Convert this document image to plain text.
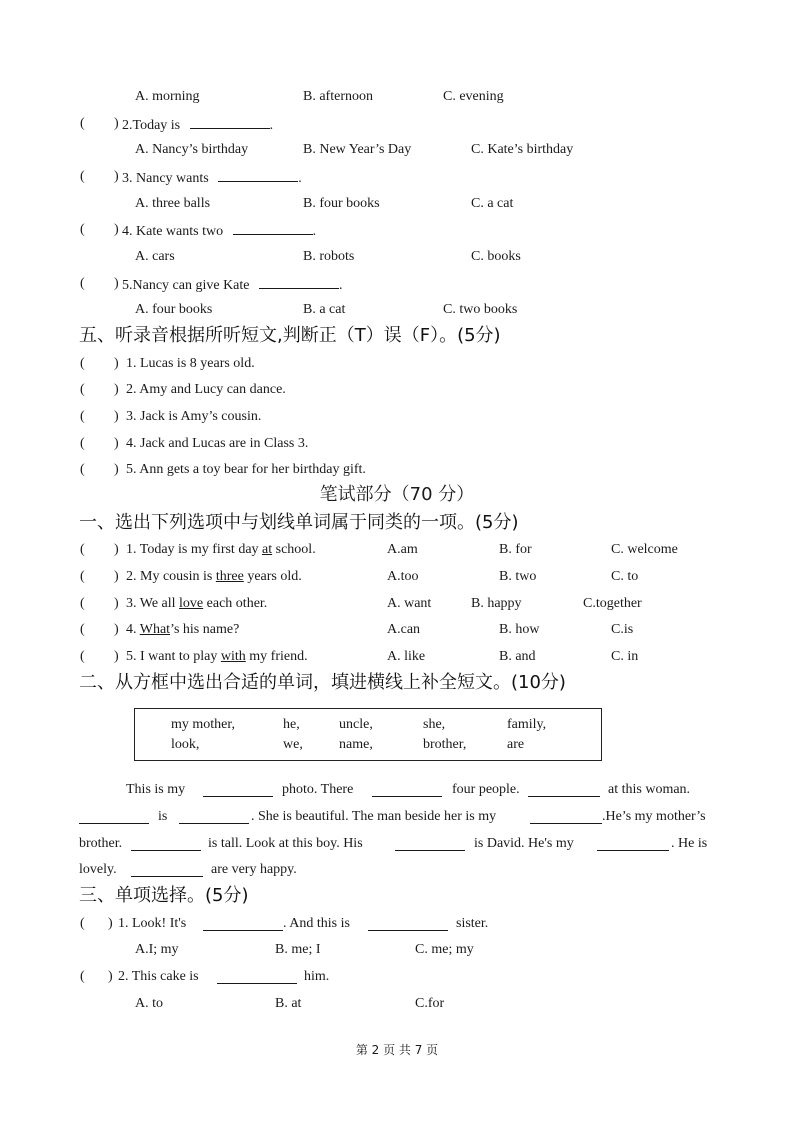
A. morning	B. afternoon	C. evening
( ) 2.Today is	.
A. Nancy’s birthday	B. New Year’s Day	C. Kate’s birthday
( ) 3. Nancy wants	.
A. three balls	B. four books	C. a cat
( ) 4. Kate wants two	.
A. cars	B. robots	C. books
( ) 5.Nancy can give Kate	.
A. four books	B. a cat	C. two books
五、听录音根据所听短文,判断正（T）误（F）。(5分)
( ) 1. Lucas is 8 years old.
( ) 2. Amy and Lucy can dance.
( ) 3. Jack is Amy’s cousin.
( ) 4. Jack and Lucas are in Class 3.
( ) 5. Ann gets a toy bear for her birthday gift.
笔试部分（70 分）
一、选出下列选项中与划线单词属于同类的一项。(5分)
( ) 1. Today is my first day at school.	A.am	B. for	C. welcome
( ) 2. My cousin is three years old.	A.too	B. two	C. to
( ) 3. We all love each other.	A. want	B. happy	C.together
( ) 4. What’s his name?	A.can	B. how	C.is
( ) 5. I want to play with my friend.	A. like	B. and	C. in
二、从方框中选出合适的单词，填进横线上补全短文。(10分)
my mother,	he,	uncle,	she,	family,
look,	we,	name,	brother,	are
This is my	photo. There	four people.	at this woman.
is	. She is beautiful. The man beside her is my	.He’s my mother’s
brother.	is tall. Look at this boy. His	is David. He's my	. He is
lovely.	are very happy.
三、单项选择。(5分)
( ) 1. Look! It's	. And this is	sister.
A.I; my	B. me; I	C. me; my
( ) 2. This cake is	him.
A. to	B. at	C.for
第 2 页 共 7 页
